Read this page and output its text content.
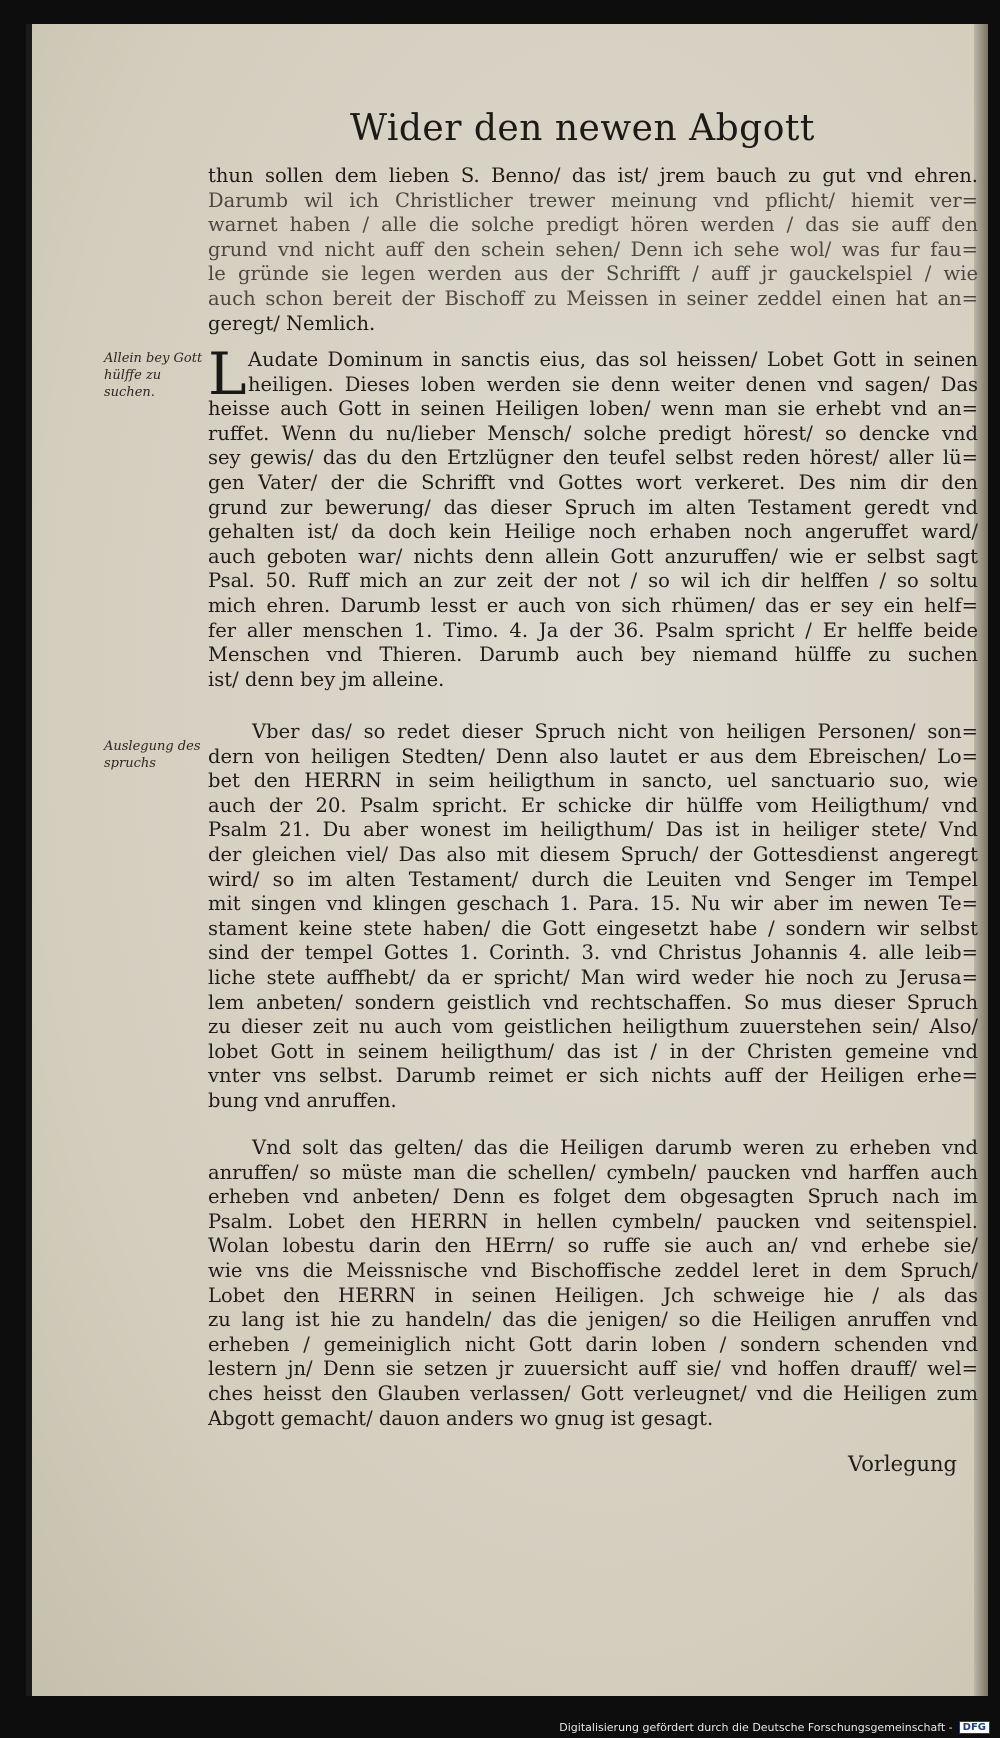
Wider den newen Abgott
thun sollen dem lieben S. Benno/ das ist/ jrem bauch zu gut vnd ehren.
Darumb wil ich Christlicher trewer meinung vnd pflicht/ hiemit ver=
warnet haben / alle die solche predigt hören werden / das sie auff den
grund vnd nicht auff den schein sehen/ Denn ich sehe wol/ was fur fau=
le gründe sie legen werden aus der Schrifft / auff jr gauckelspiel / wie
auch schon bereit der Bischoff zu Meissen in seiner zeddel einen hat an=
geregt/ Nemlich.
Allein bey Gott hülffe zu suchen.
Audate Dominum in sanctis eius, das sol heissen/ Lobet Gott in seinen
heiligen. Dieses loben werden sie denn weiter denen vnd sagen/ Das
heisse auch Gott in seinen Heiligen loben/ wenn man sie erhebt vnd an=
ruffet. Wenn du nu/lieber Mensch/ solche predigt hörest/ so dencke vnd
sey gewis/ das du den Ertzlügner den teufel selbst reden hörest/ aller lü=
gen Vater/ der die Schrifft vnd Gottes wort verkeret. Des nim dir den
grund zur bewerung/ das dieser Spruch im alten Testament geredt vnd
gehalten ist/ da doch kein Heilige noch erhaben noch angeruffet ward/
auch geboten war/ nichts denn allein Gott anzuruffen/ wie er selbst sagt
Psal. 50. Ruff mich an zur zeit der not / so wil ich dir helffen / so soltu
mich ehren. Darumb lesst er auch von sich rhümen/ das er sey ein helf=
fer aller menschen 1. Timo. 4. Ja der 36. Psalm spricht / Er helffe beide
Menschen vnd Thieren. Darumb auch bey niemand hülffe zu suchen
ist/ denn bey jm alleine.
L
Auslegung des spruchs
Vber das/ so redet dieser Spruch nicht von heiligen Personen/ son=
dern von heiligen Stedten/ Denn also lautet er aus dem Ebreischen/ Lo=
bet den HERRN in seim heiligthum in sancto, uel sanctuario suo, wie
auch der 20. Psalm spricht. Er schicke dir hülffe vom Heiligthum/ vnd
Psalm 21. Du aber wonest im heiligthum/ Das ist in heiliger stete/ Vnd
der gleichen viel/ Das also mit diesem Spruch/ der Gottesdienst angeregt
wird/ so im alten Testament/ durch die Leuiten vnd Senger im Tempel
mit singen vnd klingen geschach 1. Para. 15. Nu wir aber im newen Te=
stament keine stete haben/ die Gott eingesetzt habe / sondern wir selbst
sind der tempel Gottes 1. Corinth. 3. vnd Christus Johannis 4. alle leib=
liche stete auffhebt/ da er spricht/ Man wird weder hie noch zu Jerusa=
lem anbeten/ sondern geistlich vnd rechtschaffen. So mus dieser Spruch
zu dieser zeit nu auch vom geistlichen heiligthum zuuerstehen sein/ Also/
lobet Gott in seinem heiligthum/ das ist / in der Christen gemeine vnd
vnter vns selbst. Darumb reimet er sich nichts auff der Heiligen erhe=
bung vnd anruffen.
Vnd solt das gelten/ das die Heiligen darumb weren zu erheben vnd
anruffen/ so müste man die schellen/ cymbeln/ paucken vnd harffen auch
erheben vnd anbeten/ Denn es folget dem obgesagten Spruch nach im
Psalm. Lobet den HERRN in hellen cymbeln/ paucken vnd seitenspiel.
Wolan lobestu darin den HErrn/ so ruffe sie auch an/ vnd erhebe sie/
wie vns die Meissnische vnd Bischoffische zeddel leret in dem Spruch/
Lobet den HERRN in seinen Heiligen. Jch schweige hie / als das
zu lang ist hie zu handeln/ das die jenigen/ so die Heiligen anruffen vnd
erheben / gemeiniglich nicht Gott darin loben / sondern schenden vnd
lestern jn/ Denn sie setzen jr zuuersicht auff sie/ vnd hoffen drauff/ wel=
ches heisst den Glauben verlassen/ Gott verleugnet/ vnd die Heiligen zum
Abgott gemacht/ dauon anders wo gnug ist gesagt.
Vorlegung
Digitalisierung gefördert durch die Deutsche Forschungsgemeinschaft -	DFG
